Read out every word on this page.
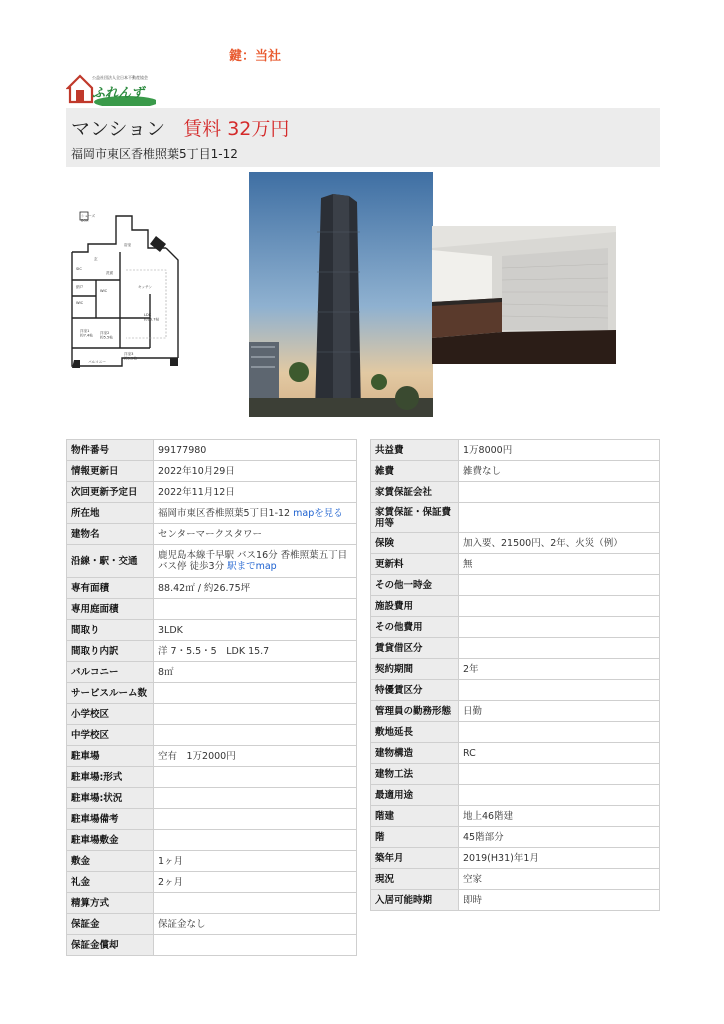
鍵：当社
公益社団法人全日本不動産協会
ふれんず
マンション 賃料 32万円
福岡市東区香椎照葉5丁目1-12
洋室1 約7.4帖
洋室2 約5.5帖
洋室3 約5.5帖
LDK 約15.7帖
キッチン
SIC
納戸
WIC
WIC
玄
シューズ BOX
浴室
洗面
バルコニー
物件番号	99177980
情報更新日	2022年10月29日
次回更新予定日	2022年11月12日
所在地	福岡市東区香椎照葉5丁目1-12 mapを見る
建物名	センターマークスタワー
沿線・駅・交通	鹿児島本線千早駅 バス16分 香椎照葉五丁目バス停 徒歩3分 駅までmap
専有面積	88.42㎡ / 約26.75坪
専用庭面積	
間取り	3LDK
間取り内訳	洋 7・5.5・5　LDK 15.7
バルコニー	8㎡
サービスルーム数	
小学校区	
中学校区	
駐車場	空有　1万2000円
駐車場:形式	
駐車場:状況	
駐車場備考	
駐車場敷金	
敷金	1ヶ月
礼金	2ヶ月
精算方式	
保証金	保証金なし
保証金償却	
共益費	1万8000円
雑費	雑費なし
家賃保証会社	
家賃保証・保証費用等	
保険	加入要、21500円、2年、火災（例）
更新料	無
その他一時金	
施設費用	
その他費用	
賃貸借区分	
契約期間	2年
特優賃区分	
管理員の勤務形態	日勤
敷地延長	
建物構造	RC
建物工法	
最適用途	
階建	地上46階建
階	45階部分
築年月	2019(H31)年1月
現況	空家
入居可能時期	即時
